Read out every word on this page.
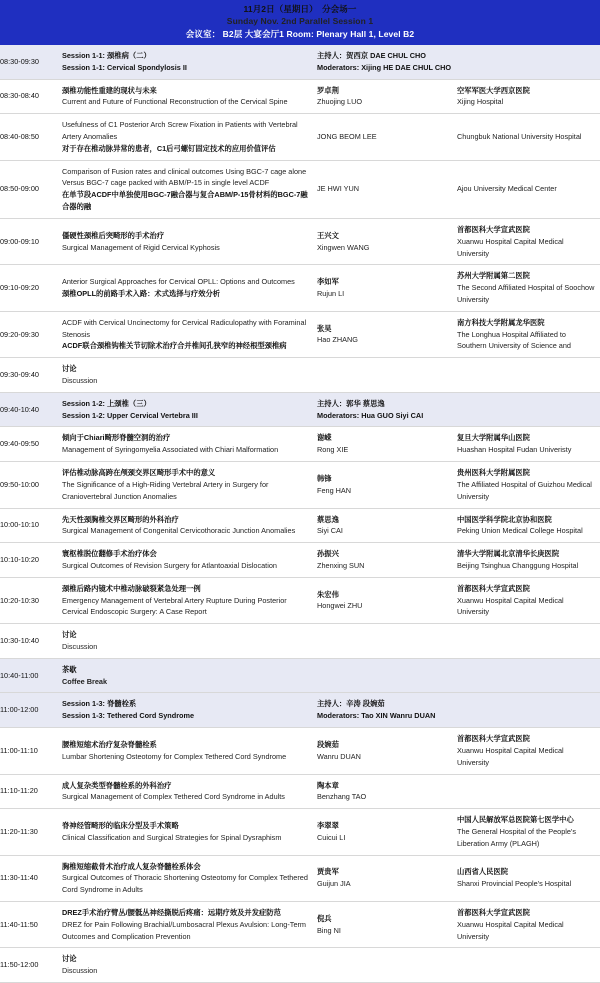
11月2日（星期日）　分会场一
Sunday Nov. 2nd Parallel Session 1
会议室： B2层 大宴会厅1 Room: Plenary Hall 1, Level B2
08:30-09:30	
Session 1-1: 颈椎病（二）
Session 1-1: Cervical Spondylosis II

主持人：贺西京 DAE CHUL CHO
Moderators: Xijing HE DAE CHUL CHO

08:30-08:40	
颈椎功能性重建的现状与未来
Current and Future of Functional Reconstruction of the Cervical Spine

罗卓荆
Zhuojing LUO

空军军医大学西京医院
Xijing Hospital

08:40-08:50	Usefulness of C1 Posterior Arch Screw Fixation in Patients with Vertebral Artery Anomalies
对于存在椎动脉异常的患者，C1后弓螺钉固定技术的应用价值评估	JONG BEOM LEE	Chungbuk National University Hospital

08:50-09:00	Comparison of Fusion rates and clinical outcomes Using BGC-7 cage alone Versus BGC-7 cage packed with ABM/P-15 in single level ACDF
在单节段ACDF中单独使用BGC-7融合器与复合ABM/P-15骨材料的BGC-7融合器的融	JE HWI YUN	Ajou University Medical Center

09:00-09:10	
僵硬性颈椎后突畸形的手术治疗
Surgical Management of Rigid Cervical Kyphosis

王兴文
Xingwen WANG

首都医科大学宣武医院
Xuanwu Hospital Capital Medical University

09:10-09:20	
Anterior Surgical Approaches for Cervical OPLL: Options and Outcomes
颈椎OPLL的前路手术入路：术式选择与疗效分析

李如军
Rujun LI

苏州大学附属第二医院
The Second Affiliated Hospital of Soochow University

09:20-09:30	
ACDF with Cervical Uncinectomy for Cervical Radiculopathy with Foraminal Stenosis
ACDF联合颈椎钩椎关节切除术治疗合并椎间孔狭窄的神经根型颈椎病

张昊
Hao ZHANG

南方科技大学附属龙华医院
The Longhua Hospital Affiliated to Southern University of Science and

09:30-09:40	讨论
Discussion		

09:40-10:40	
Session 1-2: 上颈椎（三）
Session 1-2: Upper Cervical Vertebra III

主持人：郭华 蔡思逸
Moderators: Hua GUO Siyi CAI

09:40-09:50	
倾向于Chiari畸形脊髓空洞的治疗
Management of Syringomyelia Associated with Chiari Malformation

谢嵘
Rong XIE

复旦大学附属华山医院
Huashan Hospital Fudan Univeristy

09:50-10:00	
评估椎动脉高跨在颅颈交界区畸形手术中的意义
The Significance of a High-Riding Vertebral Artery in Surgery for Craniovertebral Junction Anomalies

韩锋
Feng HAN

贵州医科大学附属医院
The Affiliated Hospital of Guizhou Medical University

10:00-10:10	
先天性颈胸椎交界区畸形的外科治疗
Surgical Management of Congenital Cervicothoracic Junction Anomalies

蔡思逸
Siyi CAI

中国医学科学院北京协和医院
Peking Union Medical College Hospital

10:10-10:20	
寰枢椎脱位翻修手术治疗体会
Surgical Outcomes of Revision Surgery for Atlantoaxial Dislocation

孙振兴
Zhenxing SUN

清华大学附属北京清华长庚医院
Beijing Tsinghua Changgung Hospital

10:20-10:30	
颈椎后路内镜术中椎动脉破裂紧急处理一例
Emergency Management of Vertebral Artery Rupture During Posterior Cervical Endoscopic Surgery: A Case Report

朱宏伟
Hongwei ZHU

首都医科大学宣武医院
Xuanwu Hospital Capital Medical University

10:30-10:40	讨论
Discussion		

10:40-11:00	茶歇
Coffee Break		

11:00-12:00	
Session 1-3: 脊髓栓系
Session 1-3: Tethered Cord Syndrome

主持人：辛涛 段婉茹
Moderators: Tao XIN Wanru DUAN

11:00-11:10	
腰椎短缩术治疗复杂脊髓栓系
Lumbar Shortening Osteotomy for Complex Tethered Cord Syndrome

段婉茹
Wanru DUAN

首都医科大学宣武医院
Xuanwu Hospital Capital Medical University

11:10-11:20	
成人复杂类型脊髓栓系的外科治疗
Surgical Management of Complex Tethered Cord Syndrome in Adults

陶本章
Benzhang TAO

11:20-11:30	
脊神经管畸形的临床分型及手术策略
Clinical Classification and Surgical Strategies for Spinal Dysraphism

李翠翠
Cuicui LI

中国人民解放军总医院第七医学中心
The General Hospital of the People's Liberation Army (PLAGH)

11:30-11:40	
胸椎短缩截骨术治疗成人复杂脊髓栓系体会
Surgical Outcomes of Thoracic Shortening Osteotomy for Complex Tethered Cord Syndrome in Adults

贾贵军
Guijun JIA

山西省人民医院
Shanxi Provincial People's Hospital

11:40-11:50	
DREZ手术治疗臂丛/腰骶丛神经撕脱后疼痛：远期疗效及并发症防范
DREZ for Pain Following Brachial/Lumbosacral Plexus Avulsion: Long-Term Outcomes and Complication Prevention

倪兵
Bing NI

首都医科大学宣武医院
Xuanwu Hospital Capital Medical University

11:50-12:00	讨论
Discussion		
